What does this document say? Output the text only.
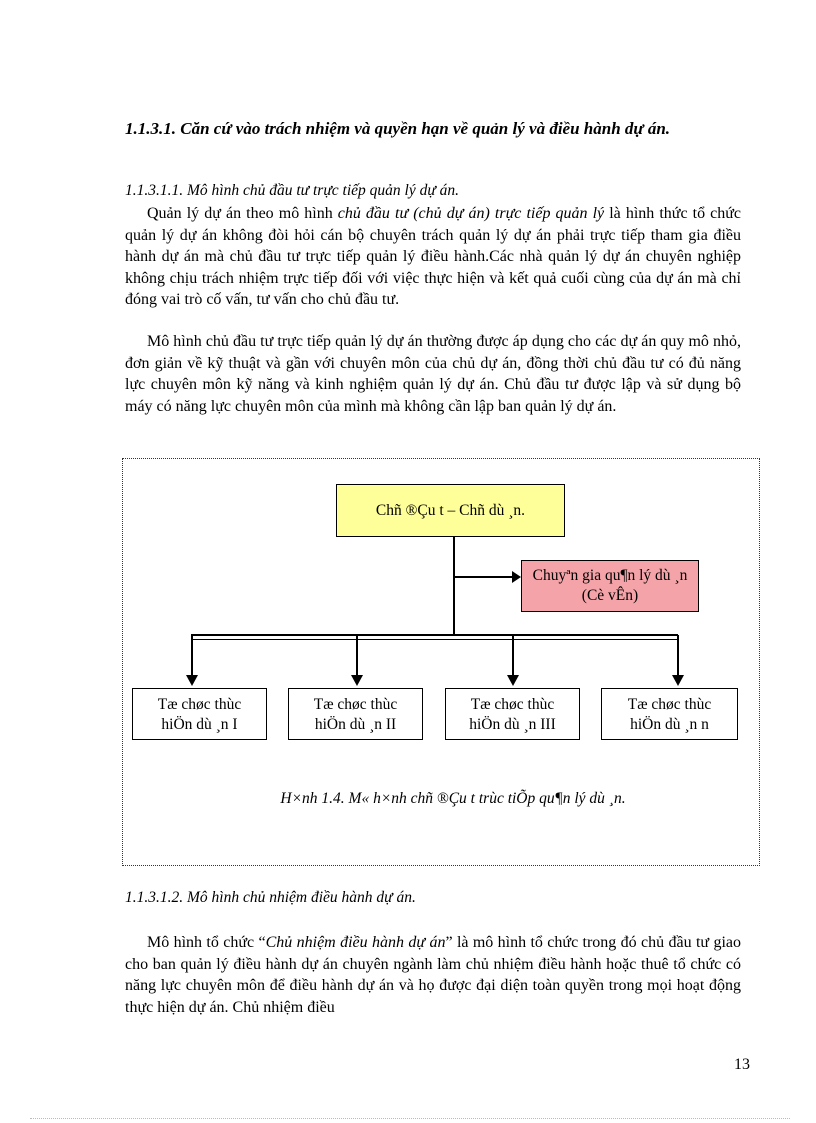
1.1.3.1. Căn cứ vào trách nhiệm và quyền hạn về quản lý và điều hành dự án.
1.1.3.1.1. Mô hình chủ đầu tư trực tiếp quản lý dự án.
Quản lý dự án theo mô hình chủ đầu tư (chủ dự án) trực tiếp quản lý là hình thức tổ chức quản lý dự án không đòi hỏi cán bộ chuyên trách quản lý dự án phải trực tiếp tham gia điều hành dự án mà chủ đầu tư trực tiếp quản lý điều hành.Các nhà quản lý dự án chuyên nghiệp không chịu trách nhiệm trực tiếp đối với việc thực hiện và kết quả cuối cùng của dự án mà chỉ đóng vai trò cố vấn, tư vấn cho chủ đầu tư.
Mô hình chủ đầu tư trực tiếp quản lý dự án thường được áp dụng cho các dự án quy mô nhỏ, đơn giản về kỹ thuật và gần với chuyên môn của chủ dự án, đồng thời chủ đầu tư có đủ năng lực chuyên môn kỹ năng và kinh nghiệm quản lý dự án. Chủ đầu tư được lập và sử dụng bộ máy có năng lực chuyên môn của mình mà không cần lập ban quản lý dự án.
Chñ ®Çu t – Chñ dù ¸n.
Chuyªn gia qu¶n lý dù ¸n (Cè vÊn)
Tæ chøc thùc hiÖn dù ¸n I
Tæ chøc thùc hiÖn dù ¸n II
Tæ chøc thùc hiÖn dù ¸n III
Tæ chøc thùc hiÖn dù ¸n n
H×nh 1.4. M« h×nh chñ ®Çu t trùc tiÕp qu¶n lý dù ¸n.
1.1.3.1.2. Mô hình chủ nhiệm điều hành dự án.
Mô hình tổ chức “Chủ nhiệm điều hành dự án” là mô hình tổ chức trong đó chủ đầu tư giao cho ban quản lý điều hành dự án chuyên ngành làm chủ nhiệm điều hành hoặc thuê tổ chức có năng lực chuyên môn để điều hành dự án và họ được đại diện toàn quyền trong mọi hoạt động thực hiện dự án. Chủ nhiệm điều
13
